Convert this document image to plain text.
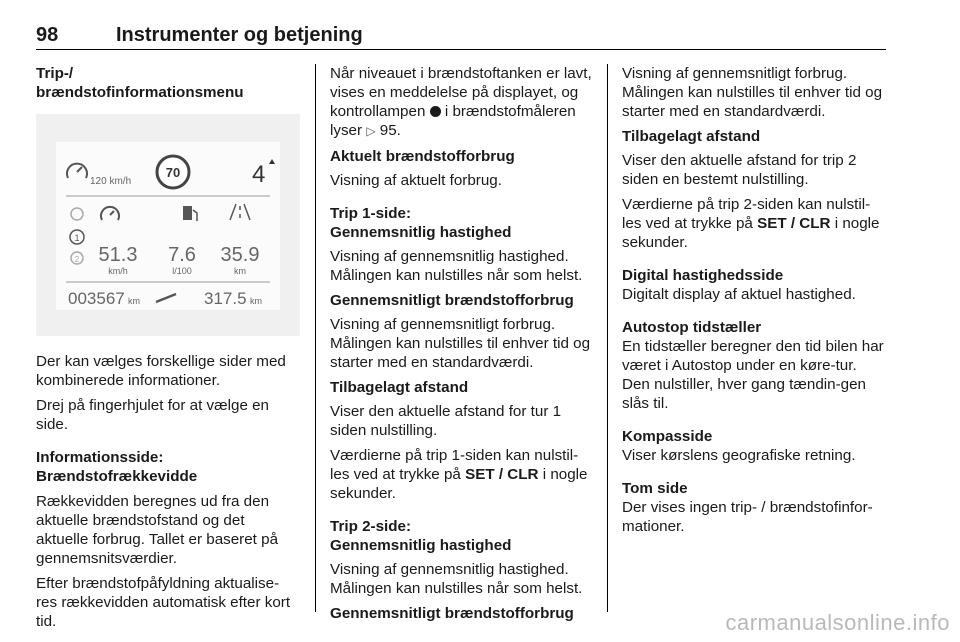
98	Instrumenter og betjening
Trip-/
brændstofinformationsmenu
120 km/h
70	4
1
2 51.3
km/h
7.6
l/100
35.9
km
003567 km	317.5 km

Der kan vælges forskellige sider med kombinerede informationer.

Drej på fingerhjulet for at vælge en side.

Informationsside:
Brændstofrækkevidde

Rækkevidden beregnes ud fra den aktuelle brændstofstand og det aktuelle forbrug. Tallet er baseret på gennemsnitsværdier.

Efter brændstofpåfyldning aktualise-res rækkevidden automatisk efter kort tid.

Når niveauet i brændstoftanken er lavt, vises en meddelelse på displayet, og kontrollampen i brændstofmåleren lyser ▷ 95.

Aktuelt brændstofforbrug

Visning af aktuelt forbrug.

Trip 1-side:
Gennemsnitlig hastighed

Visning af gennemsnitlig hastighed. Målingen kan nulstilles når som helst.

Gennemsnitligt brændstofforbrug

Visning af gennemsnitligt forbrug. Målingen kan nulstilles til enhver tid og starter med en standardværdi.

Tilbagelagt afstand

Viser den aktuelle afstand for tur 1 siden nulstilling.

Værdierne på trip 1-siden kan nulstil-les ved at trykke på SET / CLR i nogle sekunder.

Trip 2-side:
Gennemsnitlig hastighed

Visning af gennemsnitlig hastighed. Målingen kan nulstilles når som helst.

Gennemsnitligt brændstofforbrug

Visning af gennemsnitligt forbrug. Målingen kan nulstilles til enhver tid og starter med en standardværdi.

Tilbagelagt afstand

Viser den aktuelle afstand for trip 2 siden en bestemt nulstilling.

Værdierne på trip 2-siden kan nulstil-les ved at trykke på SET / CLR i nogle sekunder.

Digital hastighedsside

Digitalt display af aktuel hastighed.

Autostop tidstæller

En tidstæller beregner den tid bilen har været i Autostop under en køre-tur. Den nulstiller, hver gang tændin-gen slås til.

Kompasside

Viser kørslens geografiske retning.

Tom side

Der vises ingen trip- / brændstofinfor-mationer.

carmanualsonline.info
